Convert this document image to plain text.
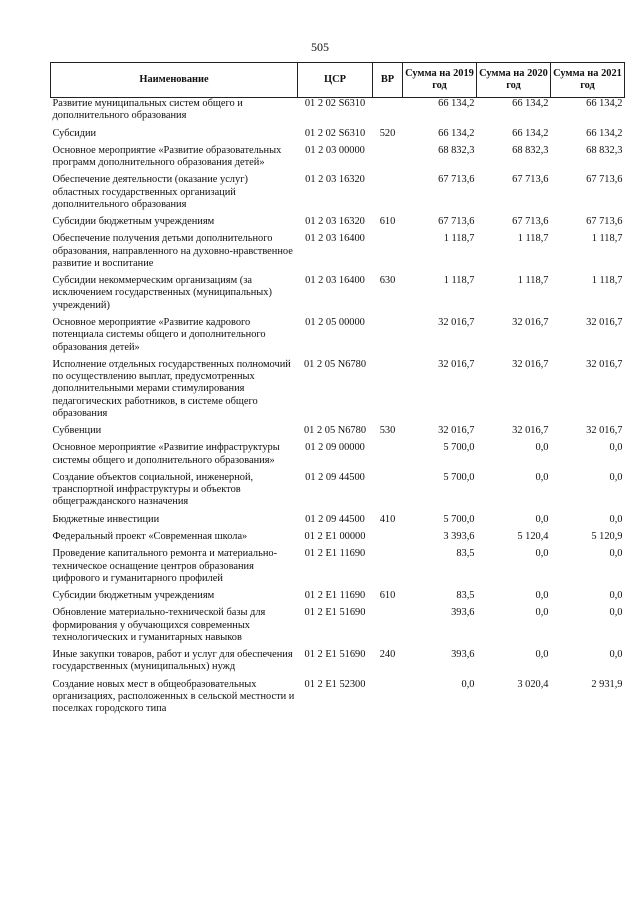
505
Наименование	ЦСР	ВР	Сумма на 2019 год	Сумма на 2020 год	Сумма на 2021 год
Развитие муниципальных систем общего и дополнительного образования	01 2 02 S6310		66 134,2	66 134,2	66 134,2
Субсидии	01 2 02 S6310	520	66 134,2	66 134,2	66 134,2
Основное мероприятие «Развитие образовательных программ дополнительного образования детей»	01 2 03 00000		68 832,3	68 832,3	68 832,3
Обеспечение деятельности (оказание услуг) областных государственных организаций дополнительного образования	01 2 03 16320		67 713,6	67 713,6	67 713,6
Субсидии бюджетным учреждениям	01 2 03 16320	610	67 713,6	67 713,6	67 713,6
Обеспечение получения детьми дополнительного образования, направленного на духовно-нравственное развитие и воспитание	01 2 03 16400		1 118,7	1 118,7	1 118,7
Субсидии некоммерческим организациям (за исключением государственных (муниципальных) учреждений)	01 2 03 16400	630	1 118,7	1 118,7	1 118,7
Основное мероприятие «Развитие кадрового потенциала системы общего и дополнительного образования детей»	01 2 05 00000		32 016,7	32 016,7	32 016,7
Исполнение отдельных государственных полномочий по осуществлению выплат, предусмотренных дополнительными мерами стимулирования педагогических работников, в системе общего образования	01 2 05 N6780		32 016,7	32 016,7	32 016,7
Субвенции	01 2 05 N6780	530	32 016,7	32 016,7	32 016,7
Основное мероприятие «Развитие инфраструктуры системы общего и дополнительного образования»	01 2 09 00000		5 700,0	0,0	0,0
Создание объектов социальной, инженерной, транспортной инфраструктуры и объектов общегражданского назначения	01 2 09 44500		5 700,0	0,0	0,0
Бюджетные инвестиции	01 2 09 44500	410	5 700,0	0,0	0,0
Федеральный проект «Современная школа»	01 2 E1 00000		3 393,6	5 120,4	5 120,9
Проведение капитального ремонта и материально-техническое оснащение центров образования цифрового и гуманитарного профилей	01 2 E1 11690		83,5	0,0	0,0
Субсидии бюджетным учреждениям	01 2 E1 11690	610	83,5	0,0	0,0
Обновление материально-технической базы для формирования у обучающихся современных технологических и гуманитарных навыков	01 2 E1 51690		393,6	0,0	0,0
Иные закупки товаров, работ и услуг для обеспечения государственных (муниципальных) нужд	01 2 E1 51690	240	393,6	0,0	0,0
Создание новых мест в общеобразовательных организациях, расположенных в сельской местности и поселках городского типа	01 2 E1 52300		0,0	3 020,4	2 931,9
